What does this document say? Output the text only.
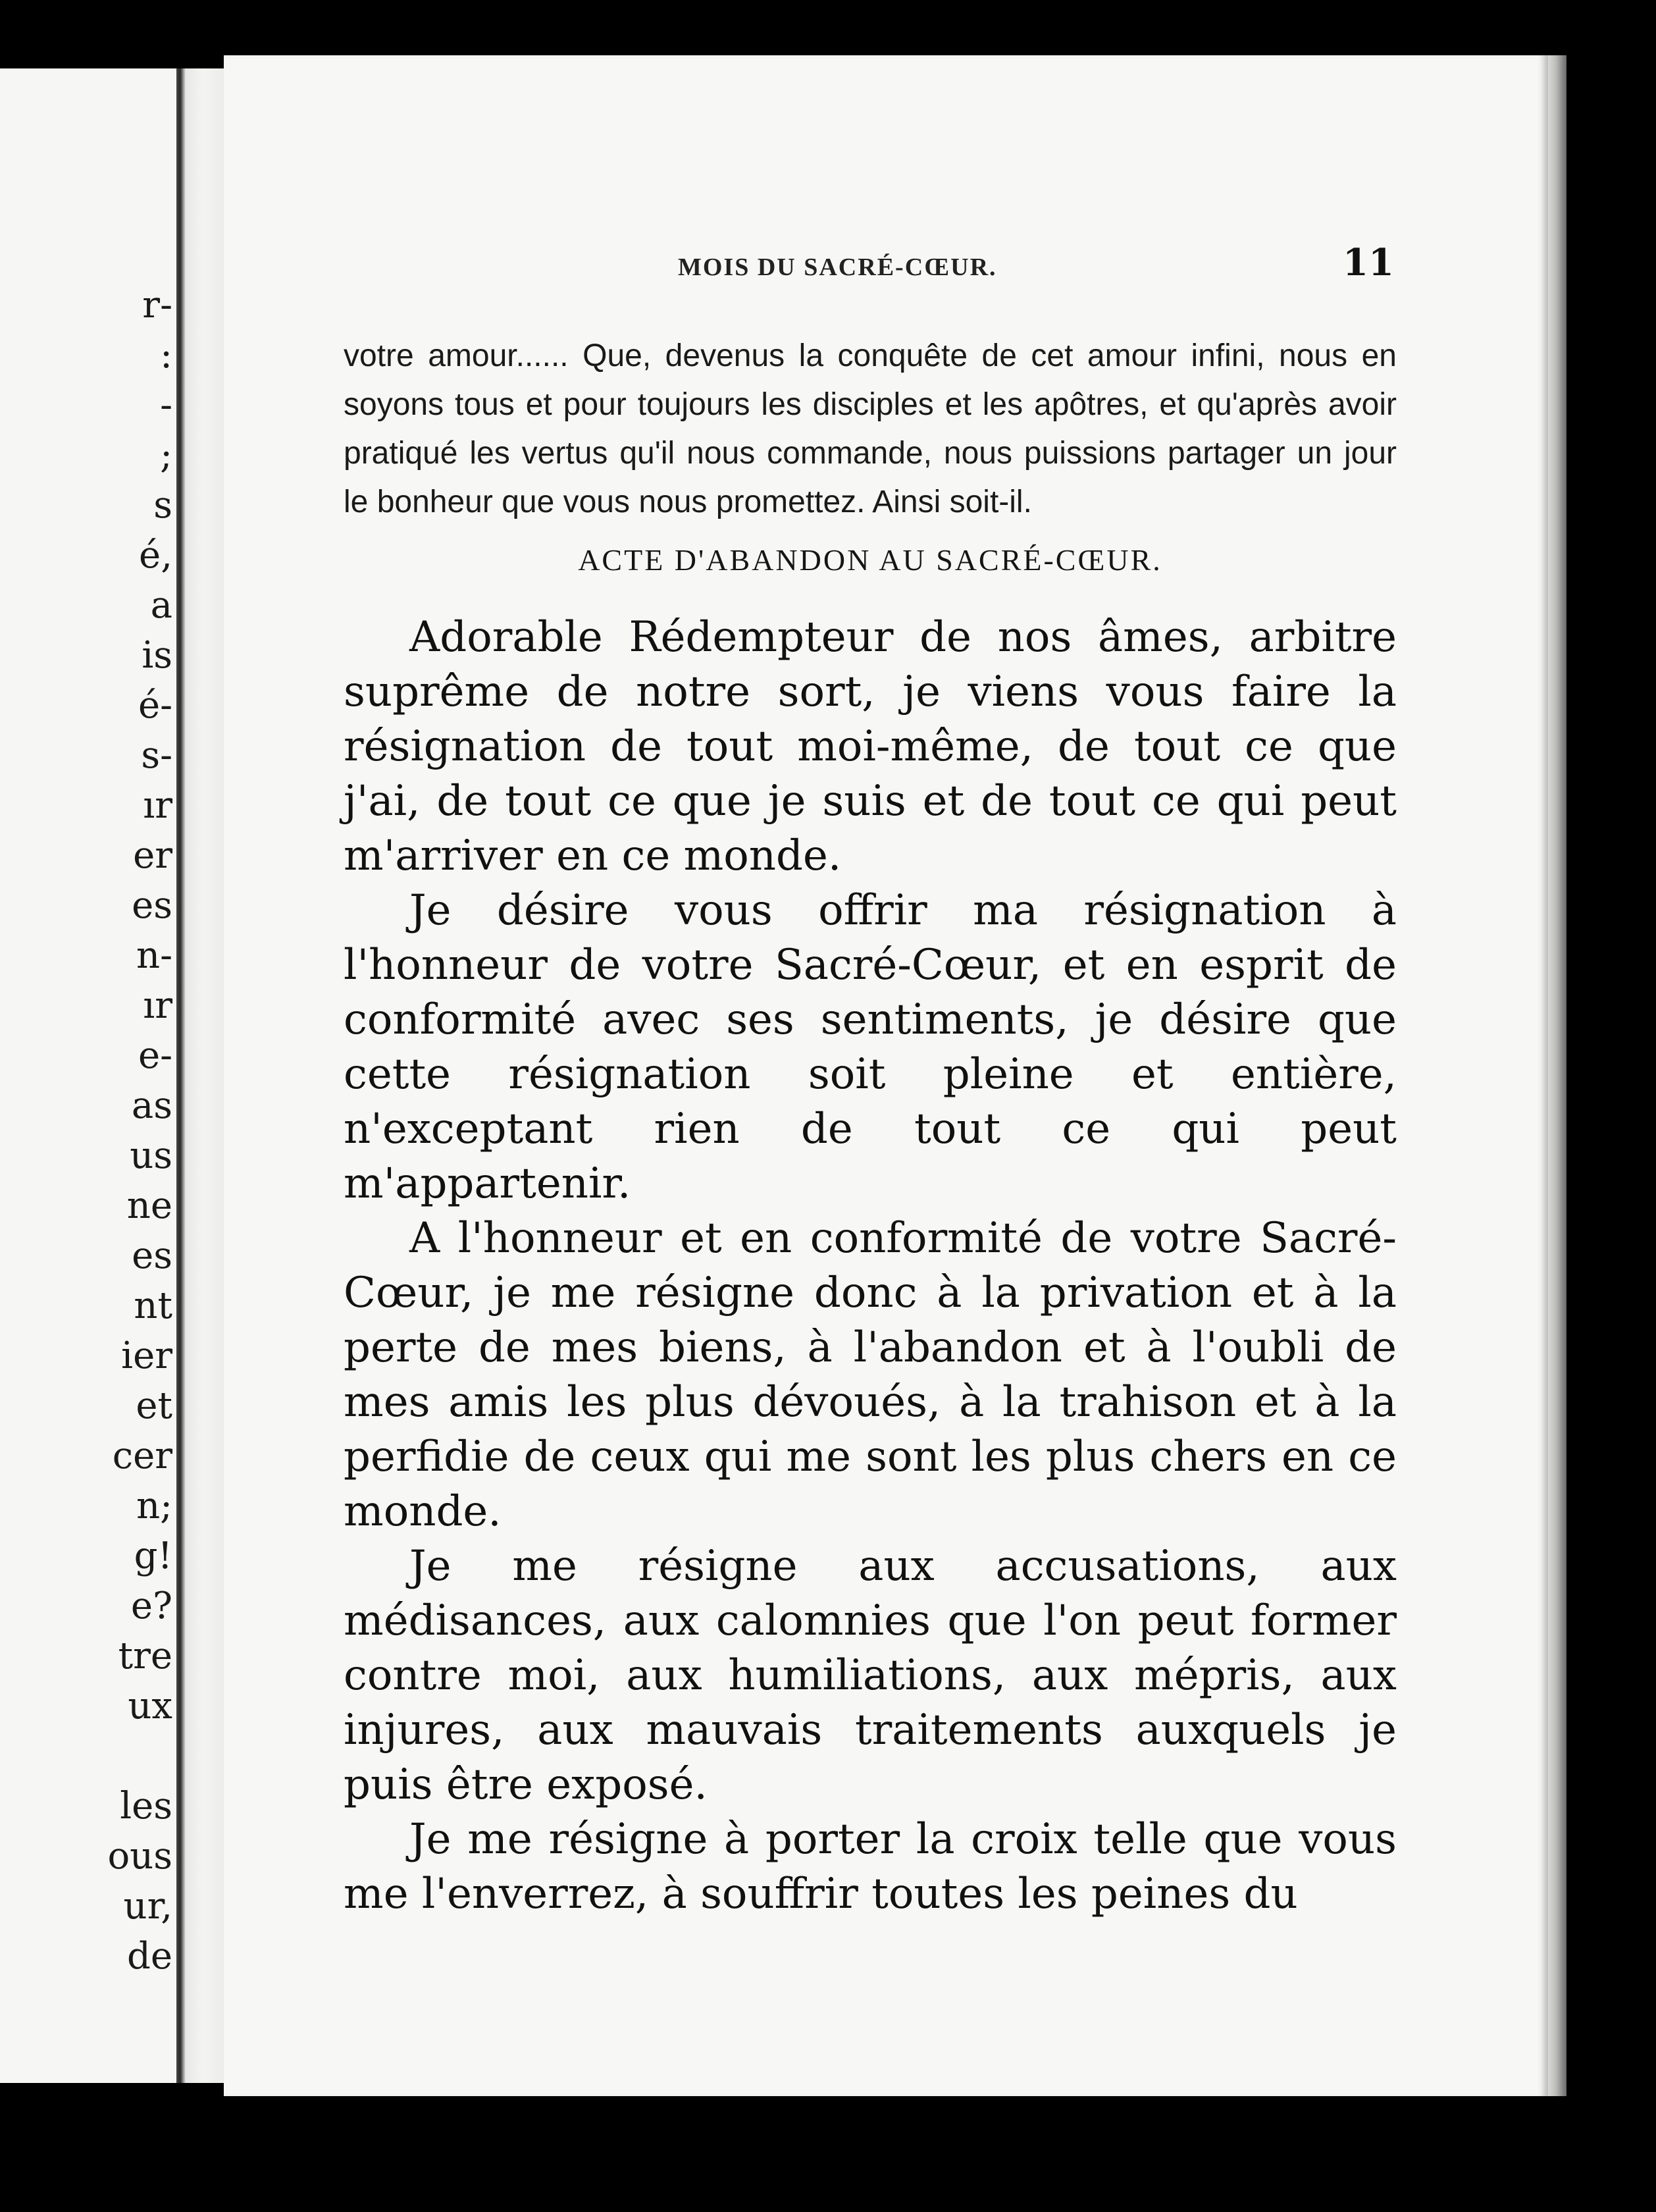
r-
:
-
;
s
é,
a
is
é-
s-
ır
er
es
n-
ır
e-
as
us
ne
es
nt
ier
et
cer
n;
g!
e?
tre
ux
les
ous
ur,
de
MOIS DU SACRÉ-CŒUR.	11

votre amour...... Que, devenus la conquête de cet amour infini, nous en soyons tous et pour toujours les disciples et les apôtres, et qu'après avoir pratiqué les vertus qu'il nous commande, nous puissions partager un jour le bonheur que vous nous promettez. Ainsi soit-il.

ACTE D'ABANDON AU SACRÉ-CŒUR.

Adorable Rédempteur de nos âmes, arbitre suprême de notre sort, je viens vous faire la résignation de tout moi-même, de tout ce que j'ai, de tout ce que je suis et de tout ce qui peut m'arriver en ce monde.

Je désire vous offrir ma résignation à l'honneur de votre Sacré-Cœur, et en esprit de conformité avec ses sentiments, je désire que cette résignation soit pleine et entière, n'exceptant rien de tout ce qui peut m'appartenir.

A l'honneur et en conformité de votre Sacré-Cœur, je me résigne donc à la privation et à la perte de mes biens, à l'abandon et à l'oubli de mes amis les plus dévoués, à la trahison et à la perfidie de ceux qui me sont les plus chers en ce monde.

Je me résigne aux accusations, aux médisances, aux calomnies que l'on peut former contre moi, aux humiliations, aux mépris, aux injures, aux mauvais traitements auxquels je puis être exposé.

Je me résigne à porter la croix telle que vous me l'enverrez, à souffrir toutes les peines du
